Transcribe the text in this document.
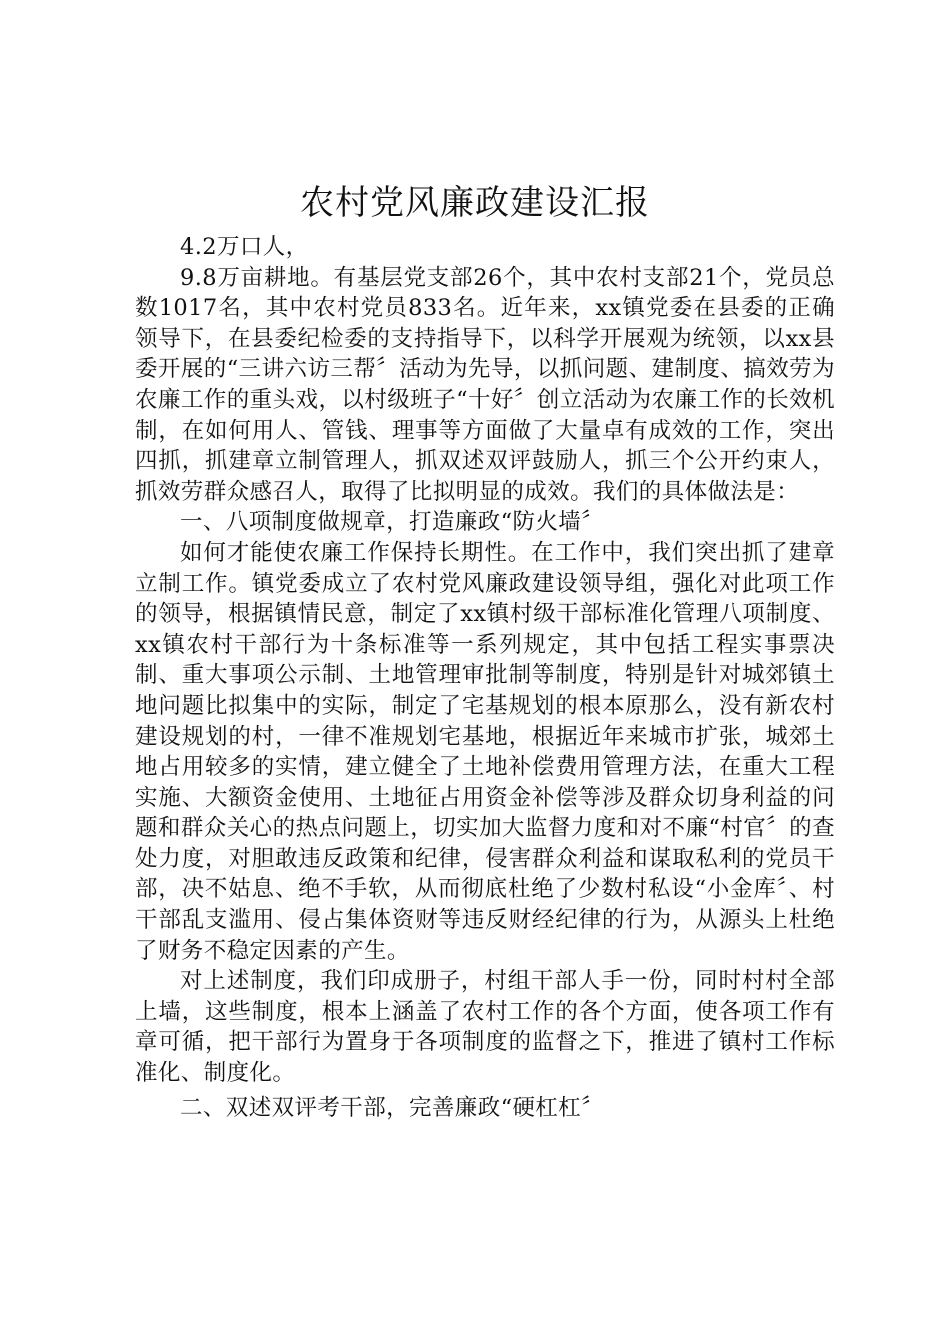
农村党风廉政建设汇报

4.2万口人，

9.8万亩耕地。有基层党支部26个，其中农村支部21个，党员总数1017名，其中农村党员833名。近年来，xx镇党委在县委的正确领导下，在县委纪检委的支持指导下，以科学开展观为统领，以xx县委开展的“三讲六访三帮〞活动为先导，以抓问题、建制度、搞效劳为农廉工作的重头戏，以村级班子“十好〞创立活动为农廉工作的长效机制，在如何用人、管钱、理事等方面做了大量卓有成效的工作，突出四抓，抓建章立制管理人，抓双述双评鼓励人，抓三个公开约束人，抓效劳群众感召人，取得了比拟明显的成效。我们的具体做法是：

一、八项制度做规章，打造廉政“防火墙〞

如何才能使农廉工作保持长期性。在工作中，我们突出抓了建章立制工作。镇党委成立了农村党风廉政建设领导组，强化对此项工作的领导，根据镇情民意，制定了xx镇村级干部标准化管理八项制度、xx镇农村干部行为十条标准等一系列规定，其中包括工程实事票决制、重大事项公示制、土地管理审批制等制度，特别是针对城郊镇土地问题比拟集中的实际，制定了宅基规划的根本原那么，没有新农村建设规划的村，一律不准规划宅基地，根据近年来城市扩张，城郊土地占用较多的实情，建立健全了土地补偿费用管理方法，在重大工程实施、大额资金使用、土地征占用资金补偿等涉及群众切身利益的问题和群众关心的热点问题上，切实加大监督力度和对不廉“村官〞的查处力度，对胆敢违反政策和纪律，侵害群众利益和谋取私利的党员干部，决不姑息、绝不手软，从而彻底杜绝了少数村私设“小金库〞、村干部乱支滥用、侵占集体资财等违反财经纪律的行为，从源头上杜绝了财务不稳定因素的产生。

对上述制度，我们印成册子，村组干部人手一份，同时村村全部上墙，这些制度，根本上涵盖了农村工作的各个方面，使各项工作有章可循，把干部行为置身于各项制度的监督之下，推进了镇村工作标准化、制度化。

二、双述双评考干部，完善廉政“硬杠杠〞
